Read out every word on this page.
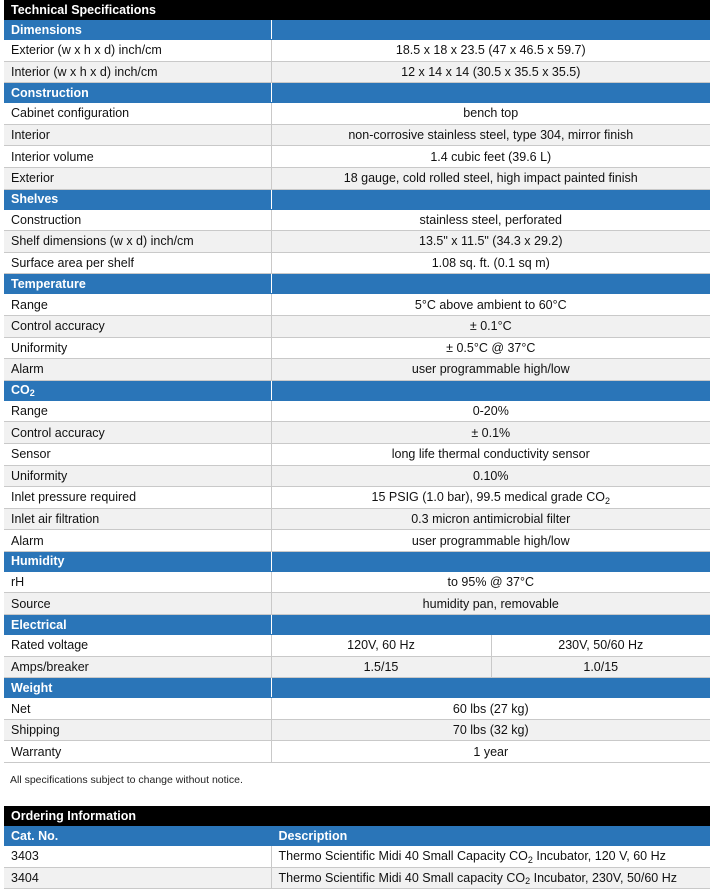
Technical Specifications		
Dimensions		
Exterior (w x h x d) inch/cm	18.5 x 18 x 23.5 (47 x 46.5 x 59.7)	
Interior (w x h x d) inch/cm	12 x 14 x 14 (30.5 x 35.5 x 35.5)	
Construction		
Cabinet configuration	bench top	
Interior	non-corrosive stainless steel, type 304, mirror finish	
Interior volume	1.4 cubic feet (39.6 L)	
Exterior	18 gauge, cold rolled steel, high impact painted finish	
Shelves		
Construction	stainless steel, perforated	
Shelf dimensions (w x d) inch/cm	13.5" x 11.5" (34.3 x 29.2)	
Surface area per shelf	1.08 sq. ft. (0.1 sq m)	
Temperature		
Range	5°C above ambient to 60°C	
Control accuracy	± 0.1°C	
Uniformity	± 0.5°C @ 37°C	
Alarm	user programmable high/low	
$CO_2$	
Range	0-20%	
Control accuracy	± 0.1%	
Sensor	long life thermal conductivity sensor	
Uniformity	0.10%	
Inlet pressure required	15 PSIG (1.0 bar), 99.5 medical grade $CO_2$
Inlet air filtration	0.3 micron antimicrobial filter	
Alarm	user programmable high/low	
Humidity		
rH	to 95% @ 37°C	
Source	humidity pan, removable	
Electrical		
Rated voltage	120V, 60 Hz	230V, 50/60 Hz
Amps/breaker	1.5/15	1.0/15
Weight		
Net	60 lbs (27 kg)	
Shipping	70 lbs (32 kg)	
Warranty	1 year	
All specifications subject to change without notice.
Ordering Information	
Cat. No.	Description
3403	Thermo Scientific Midi 40 Small Capacity $CO_2$ Incubator, 120 V, 60 Hz
3404	Thermo Scientific Midi 40 Small capacity $CO_2$ Incubator, 230V, 50/60 Hz
